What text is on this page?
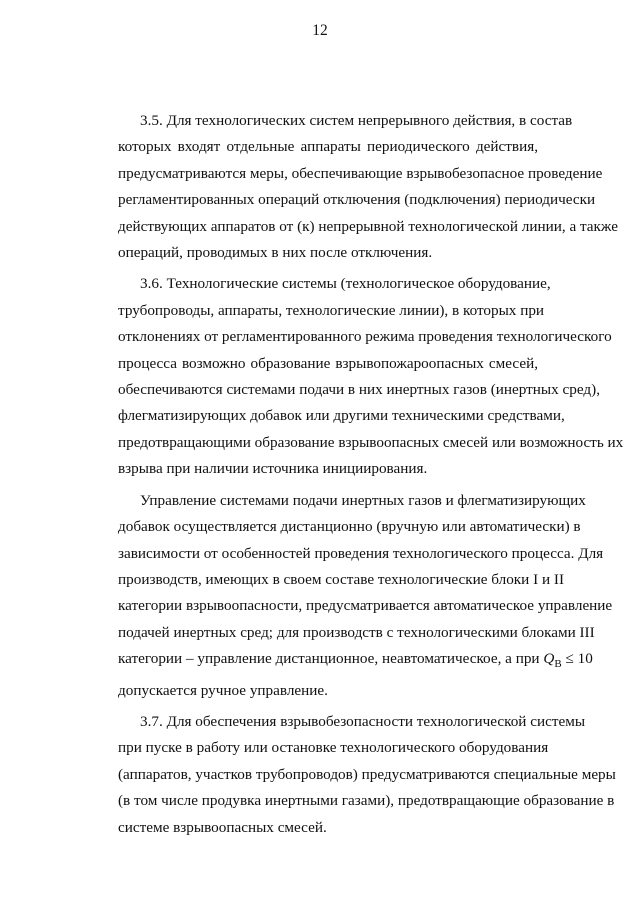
12
3.5. Для технологических систем непрерывного действия, в состав
которых входят отдельные аппараты периодического действия,
предусматриваются меры, обеспечивающие взрывобезопасное проведение
регламентированных операций отключения (подключения) периодически
действующих аппаратов от (к) непрерывной технологической линии, а также
операций, проводимых в них после отключения.
3.6. Технологические системы (технологическое оборудование,
трубопроводы, аппараты, технологические линии), в которых при
отклонениях от регламентированного режима проведения технологического
процесса возможно образование взрывопожароопасных смесей,
обеспечиваются системами подачи в них инертных газов (инертных сред),
флегматизирующих добавок или другими техническими средствами,
предотвращающими образование взрывоопасных смесей или возможность их
взрыва при наличии источника инициирования.
Управление системами подачи инертных газов и флегматизирующих
добавок осуществляется дистанционно (вручную или автоматически) в
зависимости от особенностей проведения технологического процесса. Для
производств, имеющих в своем составе технологические блоки I и II
категории взрывоопасности, предусматривается автоматическое управление
подачей инертных сред; для производств с технологическими блоками III
категории – управление дистанционное, неавтоматическое, а при $Q_В \le 10$
допускается ручное управление.
3.7. Для обеспечения взрывобезопасности технологической системы
при пуске в работу или остановке технологического оборудования
(аппаратов, участков трубопроводов) предусматриваются специальные меры
(в том числе продувка инертными газами), предотвращающие образование в
системе взрывоопасных смесей.
